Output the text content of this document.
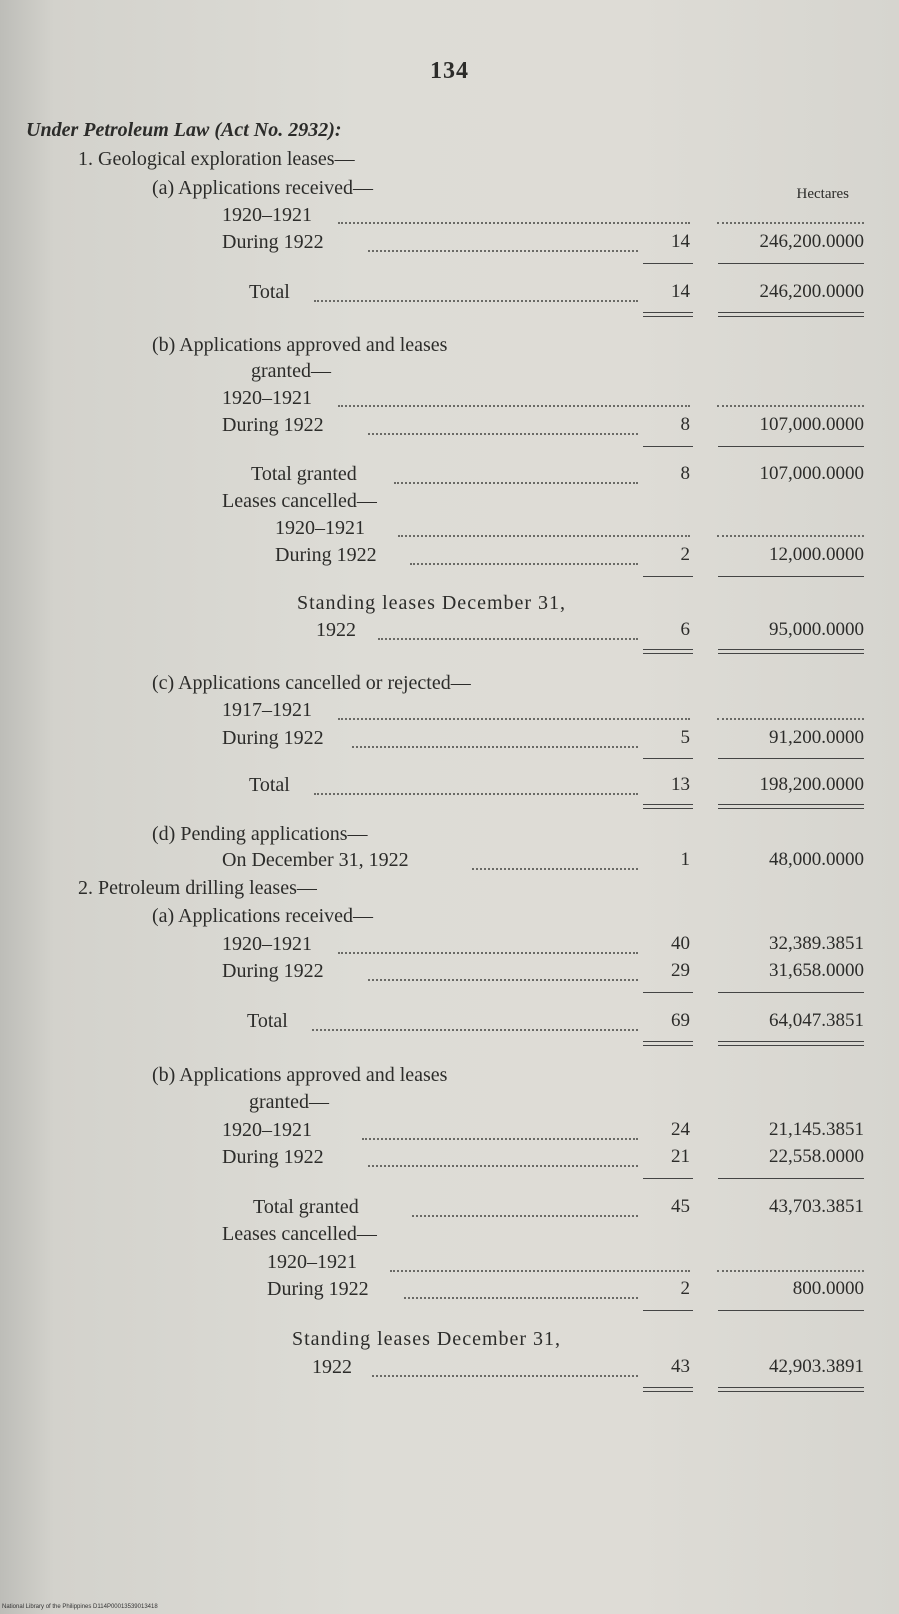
134
Under Petroleum Law (Act No. 2932):
1. Geological exploration leases—
(a) Applications received—	Hectares
1920–1921
During 1922	14	246,200.0000
Total	14	246,200.0000
(b) Applications approved and leases
granted—
1920–1921
During 1922	8	107,000.0000
Total granted	8	107,000.0000
Leases cancelled—
1920–1921
During 1922	2	12,000.0000
Standing leases December 31,
1922	6	95,000.0000
(c) Applications cancelled or rejected—
1917–1921
During 1922	5	91,200.0000
Total	13	198,200.0000
(d) Pending applications—
On December 31, 1922	1	48,000.0000
2. Petroleum drilling leases—
(a) Applications received—
1920–1921	40	32,389.3851
During 1922	29	31,658.0000
Total	69	64,047.3851
(b) Applications approved and leases
granted—
1920–1921	24	21,145.3851
During 1922	21	22,558.0000
Total granted	45	43,703.3851
Leases cancelled—
1920–1921
During 1922	2	800.0000
Standing leases December 31,
1922	43	42,903.3891
National Library of the Philippines D114P00013539013418
